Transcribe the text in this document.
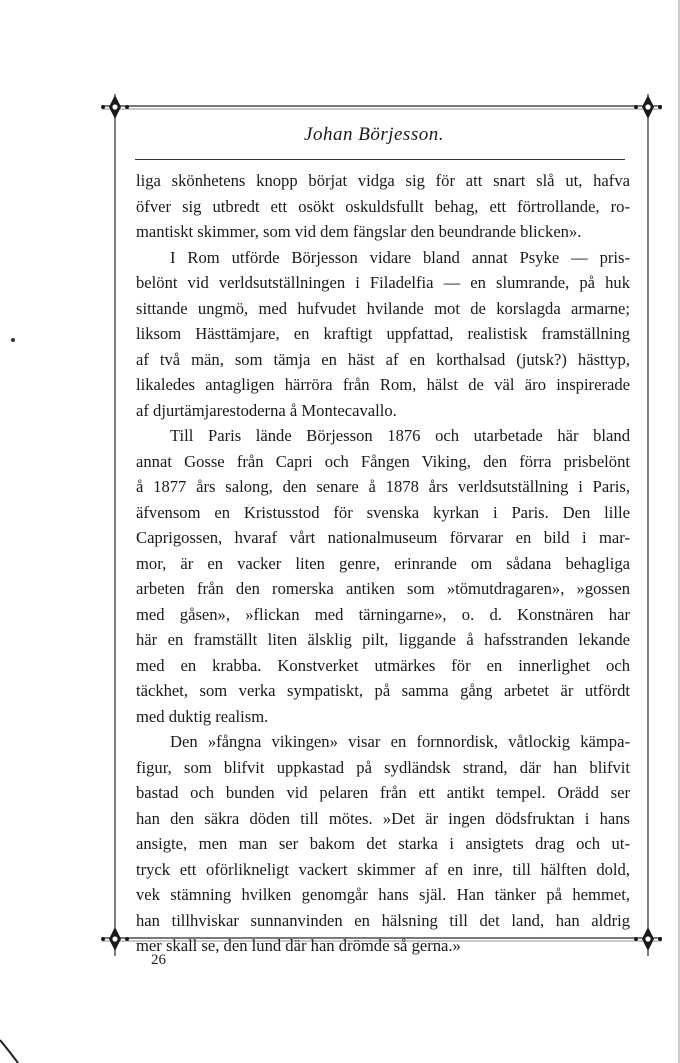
Johan Börjesson.
liga skönhetens knopp börjat vidga sig för att snart slå ut, hafva
öfver sig utbredt ett osökt oskuldsfullt behag, ett förtrollande, ro-
mantiskt skimmer, som vid dem fängslar den beundrande blicken».
I Rom utförde Börjesson vidare bland annat Psyke — pris-
belönt vid verldsutställningen i Filadelfia — en slumrande, på huk
sittande ungmö, med hufvudet hvilande mot de korslagda armarne;
liksom Hästtämjare, en kraftigt uppfattad, realistisk framställning
af två män, som tämja en häst af en korthalsad (jutsk?) hästtyp,
likaledes antagligen härröra från Rom, hälst de väl äro inspirerade
af djurtämjarestoderna å Montecavallo.
Till Paris lände Börjesson 1876 och utarbetade här bland
annat Gosse från Capri och Fången Viking, den förra prisbelönt
å 1877 års salong, den senare å 1878 års verldsutställning i Paris,
äfvensom en Kristusstod för svenska kyrkan i Paris. Den lille
Caprigossen, hvaraf vårt nationalmuseum förvarar en bild i mar-
mor, är en vacker liten genre, erinrande om sådana behagliga
arbeten från den romerska antiken som »tömutdragaren», »gossen
med gåsen», »flickan med tärningarne», o. d. Konstnären har
här en framställt liten älsklig pilt, liggande å hafsstranden lekande
med en krabba. Konstverket utmärkes för en innerlighet och
täckhet, som verka sympatiskt, på samma gång arbetet är utfördt
med duktig realism.
Den »fångna vikingen» visar en fornnordisk, våtlockig kämpa-
figur, som blifvit uppkastad på sydländsk strand, där han blifvit
bastad och bunden vid pelaren från ett antikt tempel. Orädd ser
han den säkra döden till mötes. »Det är ingen dödsfruktan i hans
ansigte, men man ser bakom det starka i ansigtets drag och ut-
tryck ett oförlikneligt vackert skimmer af en inre, till hälften dold,
vek stämning hvilken genomgår hans själ. Han tänker på hemmet,
han tillhviskar sunnanvinden en hälsning till det land, han aldrig
mer skall se, den lund där han drömde så gerna.»
26
